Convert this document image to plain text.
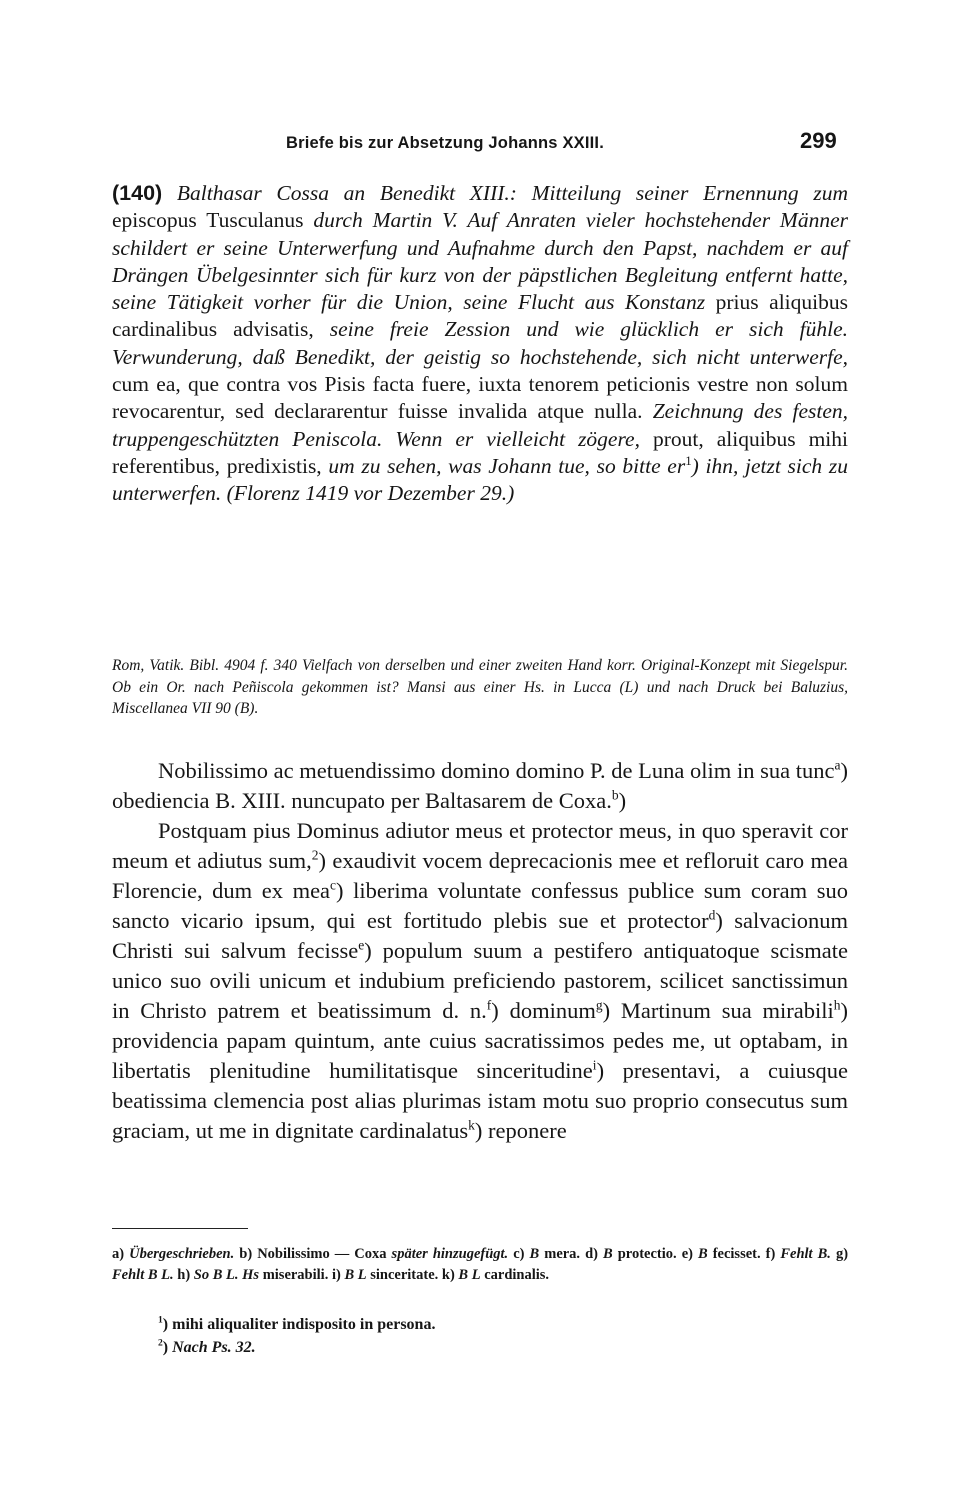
Briefe bis zur Absetzung Johanns XXIII.	299
(140) Balthasar Cossa an Benedikt XIII.: Mitteilung seiner Ernennung zum episcopus Tusculanus durch Martin V. Auf Anraten vieler hochstehender Männer schildert er seine Unterwerfung und Aufnahme durch den Papst, nachdem er auf Drängen Übelgesinnter sich für kurz von der päpstlichen Begleitung entfernt hatte, seine Tätigkeit vorher für die Union, seine Flucht aus Konstanz prius aliquibus cardinalibus advisatis, seine freie Zession und wie glücklich er sich fühle. Verwunderung, daß Benedikt, der geistig so hochstehende, sich nicht unterwerfe, cum ea, que contra vos Pisis facta fuere, iuxta tenorem peticionis vestre non solum revocarentur, sed declararentur fuisse invalida atque nulla. Zeichnung des festen, truppengeschützten Peniscola. Wenn er vielleicht zögere, prout, aliquibus mihi referentibus, predixistis, um zu sehen, was Johann tue, so bitte $er^1$) ihn, jetzt sich zu unterwerfen. (Florenz 1419 vor Dezember 29.)
Rom, Vatik. Bibl. 4904 f. 340 Vielfach von derselben und einer zweiten Hand korr. Original-Konzept mit Siegelspur. Ob ein Or. nach Peñiscola gekommen ist? Mansi aus einer Hs. in Lucca (L) und nach Druck bei Baluzius, Miscellanea VII 90 (B).

Nobilissimo ac metuendissimo domino domino P. de Luna olim in sua tunc$^a$) obediencia B. XIII. nuncupato per Baltasarem de Coxa.$^b$)

Postquam pius Dominus adiutor meus et protector meus, in quo speravit cor meum et adiutus sum,$^2$) exaudivit vocem deprecacionis mee et refloruit caro mea Florencie, dum ex mea$^c$) liberima voluntate confessus publice sum coram suo sancto vicario ipsum, qui est fortitudo plebis sue et protector$^d$) salvacionum Christi sui salvum fecisse$^e$) populum suum a pestifero antiquatoque scismate unico suo ovili unicum et indubium preficiendo pastorem, scilicet sanctissimun in Christo patrem et beatissimum d. n.$^f$) dominum$^g$) Martinum sua mirabili$^h$) providencia papam quintum, ante cuius sacratissimos pedes me, ut optabam, in libertatis plenitudine humilitatisque sinceritudine$^i$) presentavi, a cuiusque beatissima clemencia post alias plurimas istam motu suo proprio consecutus sum graciam, ut me in dignitate cardinalatus$^k$) reponere

a) Übergeschrieben. b) Nobilissimo — Coxa später hinzugefügt. c) B mera. d) B protectio. e) B fecisset. f) Fehlt B. g) Fehlt B L. h) So B L. Hs miserabili. i) B L sinceritate. k) B L cardinalis.
$^1$) mihi aliqualiter indisposito in persona.
$^2$) Nach Ps. 32.
